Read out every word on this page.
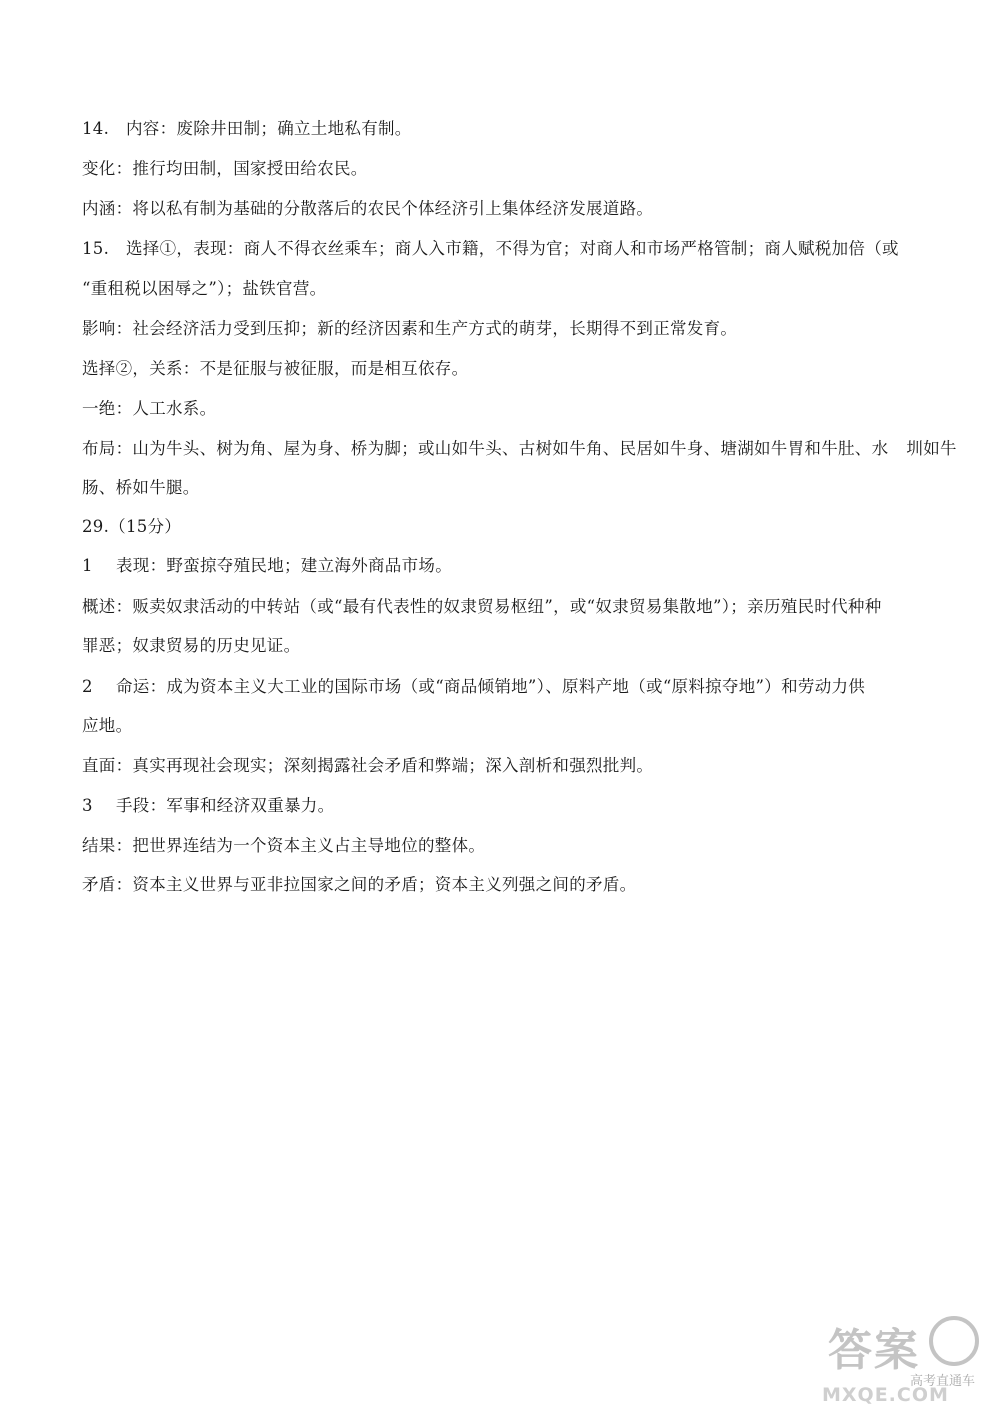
14. 内容：废除井田制；确立土地私有制。

变化：推行均田制，国家授田给农民。

内涵：将以私有制为基础的分散落后的农民个体经济引上集体经济发展道路。

15. 选择①，表现：商人不得衣丝乘车；商人入市籍，不得为官；对商人和市场严格管制；商人赋税加倍（或

“重租税以困辱之”）；盐铁官营。

影响：社会经济活力受到压抑；新的经济因素和生产方式的萌芽，长期得不到正常发育。

选择②，关系：不是征服与被征服，而是相互依存。

一绝：人工水系。

布局：山为牛头、树为角、屋为身、桥为脚；或山如牛头、古树如牛角、民居如牛身、塘湖如牛胃和牛肚、水 圳如牛

肠、桥如牛腿。

29.（15分）

1 表现：野蛮掠夺殖民地；建立海外商品市场。

概述：贩卖奴隶活动的中转站（或“最有代表性的奴隶贸易枢纽”，或“奴隶贸易集散地”）；亲历殖民时代种种

罪恶；奴隶贸易的历史见证。

2 命运：成为资本主义大工业的国际市场（或“商品倾销地”）、原料产地（或“原料掠夺地”）和劳动力供

应地。

直面：真实再现社会现实；深刻揭露社会矛盾和弊端；深入剖析和强烈批判。

3 手段：军事和经济双重暴力。

结果：把世界连结为一个资本主义占主导地位的整体。

矛盾：资本主义世界与亚非拉国家之间的矛盾；资本主义列强之间的矛盾。

答案
高考直通车
MXQE.COM
